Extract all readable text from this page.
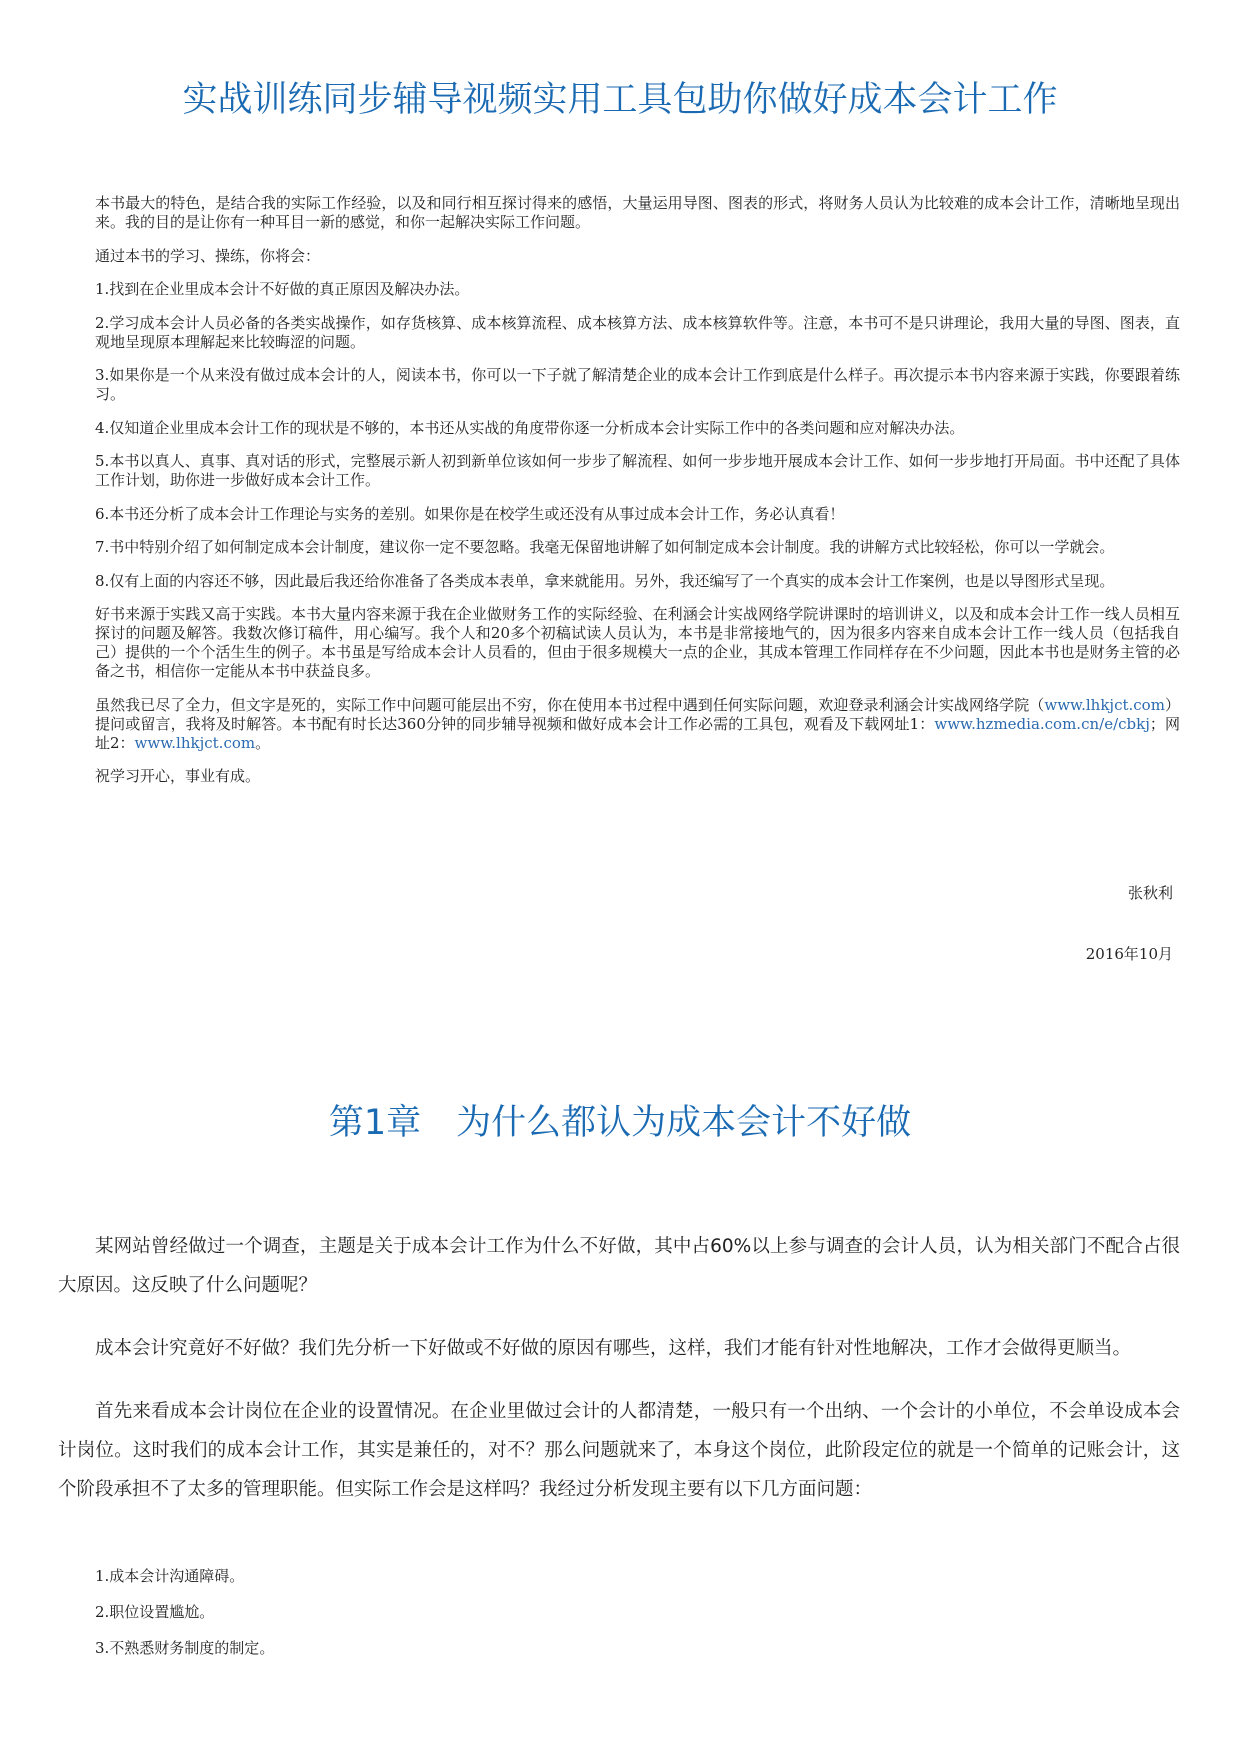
实战训练同步辅导视频实用工具包助你做好成本会计工作

本书最大的特色，是结合我的实际工作经验，以及和同行相互探讨得来的感悟，大量运用导图、图表的形式，将财务人员认为比较难的成本会计工作，清晰地呈现出来。我的目的是让你有一种耳目一新的感觉，和你一起解决实际工作问题。

通过本书的学习、操练，你将会：

1.找到在企业里成本会计不好做的真正原因及解决办法。

2.学习成本会计人员必备的各类实战操作，如存货核算、成本核算流程、成本核算方法、成本核算软件等。注意，本书可不是只讲理论，我用大量的导图、图表，直观地呈现原本理解起来比较晦涩的问题。

3.如果你是一个从来没有做过成本会计的人，阅读本书，你可以一下子就了解清楚企业的成本会计工作到底是什么样子。再次提示本书内容来源于实践，你要跟着练习。

4.仅知道企业里成本会计工作的现状是不够的，本书还从实战的角度带你逐一分析成本会计实际工作中的各类问题和应对解决办法。

5.本书以真人、真事、真对话的形式，完整展示新人初到新单位该如何一步步了解流程、如何一步步地开展成本会计工作、如何一步步地打开局面。书中还配了具体工作计划，助你进一步做好成本会计工作。

6.本书还分析了成本会计工作理论与实务的差别。如果你是在校学生或还没有从事过成本会计工作，务必认真看！

7.书中特别介绍了如何制定成本会计制度，建议你一定不要忽略。我毫无保留地讲解了如何制定成本会计制度。我的讲解方式比较轻松，你可以一学就会。

8.仅有上面的内容还不够，因此最后我还给你准备了各类成本表单，拿来就能用。另外，我还编写了一个真实的成本会计工作案例，也是以导图形式呈现。

好书来源于实践又高于实践。本书大量内容来源于我在企业做财务工作的实际经验、在利涵会计实战网络学院讲课时的培训讲义，以及和成本会计工作一线人员相互探讨的问题及解答。我数次修订稿件，用心编写。我个人和20多个初稿试读人员认为，本书是非常接地气的，因为很多内容来自成本会计工作一线人员（包括我自己）提供的一个个活生生的例子。本书虽是写给成本会计人员看的，但由于很多规模大一点的企业，其成本管理工作同样存在不少问题，因此本书也是财务主管的必备之书，相信你一定能从本书中获益良多。

虽然我已尽了全力，但文字是死的，实际工作中问题可能层出不穷，你在使用本书过程中遇到任何实际问题，欢迎登录利涵会计实战网络学院（www.lhkjct.com）提问或留言，我将及时解答。本书配有时长达360分钟的同步辅导视频和做好成本会计工作必需的工具包，观看及下载网址1：www.hzmedia.com.cn/e/cbkj；网址2：www.lhkjct.com。

祝学习开心，事业有成。

张秋利
2016年10月
第1章　为什么都认为成本会计不好做

某网站曾经做过一个调查，主题是关于成本会计工作为什么不好做，其中占60%以上参与调查的会计人员，认为相关部门不配合占很大原因。这反映了什么问题呢？

成本会计究竟好不好做？我们先分析一下好做或不好做的原因有哪些，这样，我们才能有针对性地解决，工作才会做得更顺当。

首先来看成本会计岗位在企业的设置情况。在企业里做过会计的人都清楚，一般只有一个出纳、一个会计的小单位，不会单设成本会计岗位。这时我们的成本会计工作，其实是兼任的，对不？那么问题就来了，本身这个岗位，此阶段定位的就是一个简单的记账会计，这个阶段承担不了太多的管理职能。但实际工作会是这样吗？我经过分析发现主要有以下几方面问题：

1.成本会计沟通障碍。
2.职位设置尴尬。
3.不熟悉财务制度的制定。
